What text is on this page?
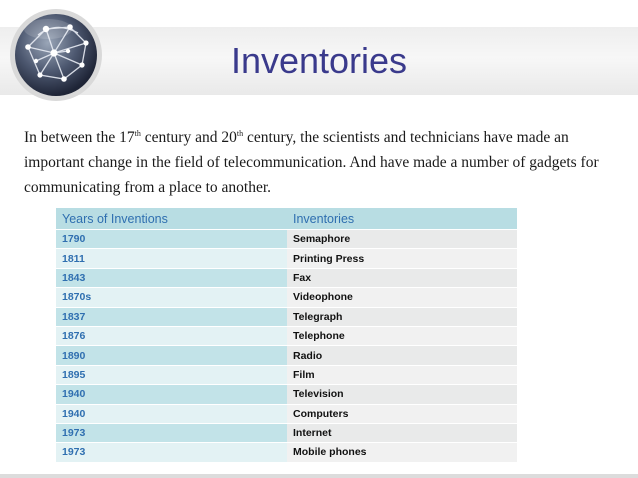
Inventories
In between the 17th century and 20th century, the scientists and technicians have made an important change in the field of telecommunication. And have made a number of gadgets for communicating from a place to another.
Years of Inventions	Inventories
1790	Semaphore
1811	Printing Press
1843	Fax
1870s	Videophone
1837	Telegraph
1876	Telephone
1890	Radio
1895	Film
1940	Television
1940	Computers
1973	Internet
1973	Mobile phones
